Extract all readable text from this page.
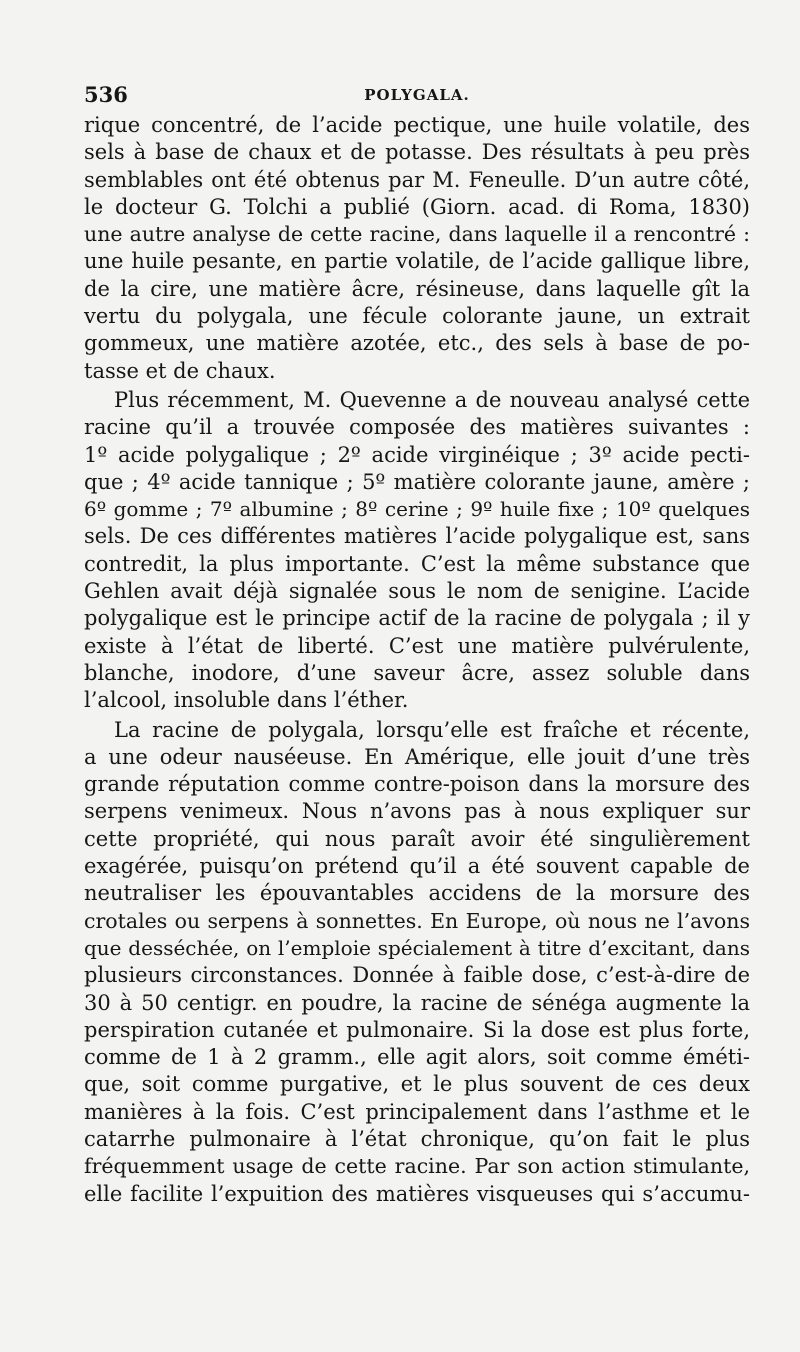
536	POLYGALA.
rique concentré, de l’acide pectique, une huile volatile, des
sels à base de chaux et de potasse. Des résultats à peu près
semblables ont été obtenus par M. Feneulle. D’un autre côté,
le docteur G. Tolchi a publié (Giorn. acad. di Roma, 1830)
une autre analyse de cette racine, dans laquelle il a rencontré :
une huile pesante, en partie volatile, de l’acide gallique libre,
de la cire, une matière âcre, résineuse, dans laquelle gît la
vertu du polygala, une fécule colorante jaune, un extrait
gommeux, une matière azotée, etc., des sels à base de po-
tasse et de chaux.
Plus récemment, M. Quevenne a de nouveau analysé cette
racine qu’il a trouvée composée des matières suivantes :
1º acide polygalique ; 2º acide virginéique ; 3º acide pecti-
que ; 4º acide tannique ; 5º matière colorante jaune, amère ;
6º gomme ; 7º albumine ; 8º cerine ; 9º huile fixe ; 10º quelques
sels. De ces différentes matières l’acide polygalique est, sans
contredit, la plus importante. C’est la même substance que
Gehlen avait déjà signalée sous le nom de senigine. L’acide
polygalique est le principe actif de la racine de polygala ; il y
existe à l’état de liberté. C’est une matière pulvérulente,
blanche, inodore, d’une saveur âcre, assez soluble dans
l’alcool, insoluble dans l’éther.
La racine de polygala, lorsqu’elle est fraîche et récente,
a une odeur nauséeuse. En Amérique, elle jouit d’une très
grande réputation comme contre-poison dans la morsure des
serpens venimeux. Nous n’avons pas à nous expliquer sur
cette propriété, qui nous paraît avoir été singulièrement
exagérée, puisqu’on prétend qu’il a été souvent capable de
neutraliser les épouvantables accidens de la morsure des
crotales ou serpens à sonnettes. En Europe, où nous ne l’avons
que desséchée, on l’emploie spécialement à titre d’excitant, dans
plusieurs circonstances. Donnée à faible dose, c’est-à-dire de
30 à 50 centigr. en poudre, la racine de sénéga augmente la
perspiration cutanée et pulmonaire. Si la dose est plus forte,
comme de 1 à 2 gramm., elle agit alors, soit comme éméti-
que, soit comme purgative, et le plus souvent de ces deux
manières à la fois. C’est principalement dans l’asthme et le
catarrhe pulmonaire à l’état chronique, qu’on fait le plus
fréquemment usage de cette racine. Par son action stimulante,
elle facilite l’expuition des matières visqueuses qui s’accumu-
